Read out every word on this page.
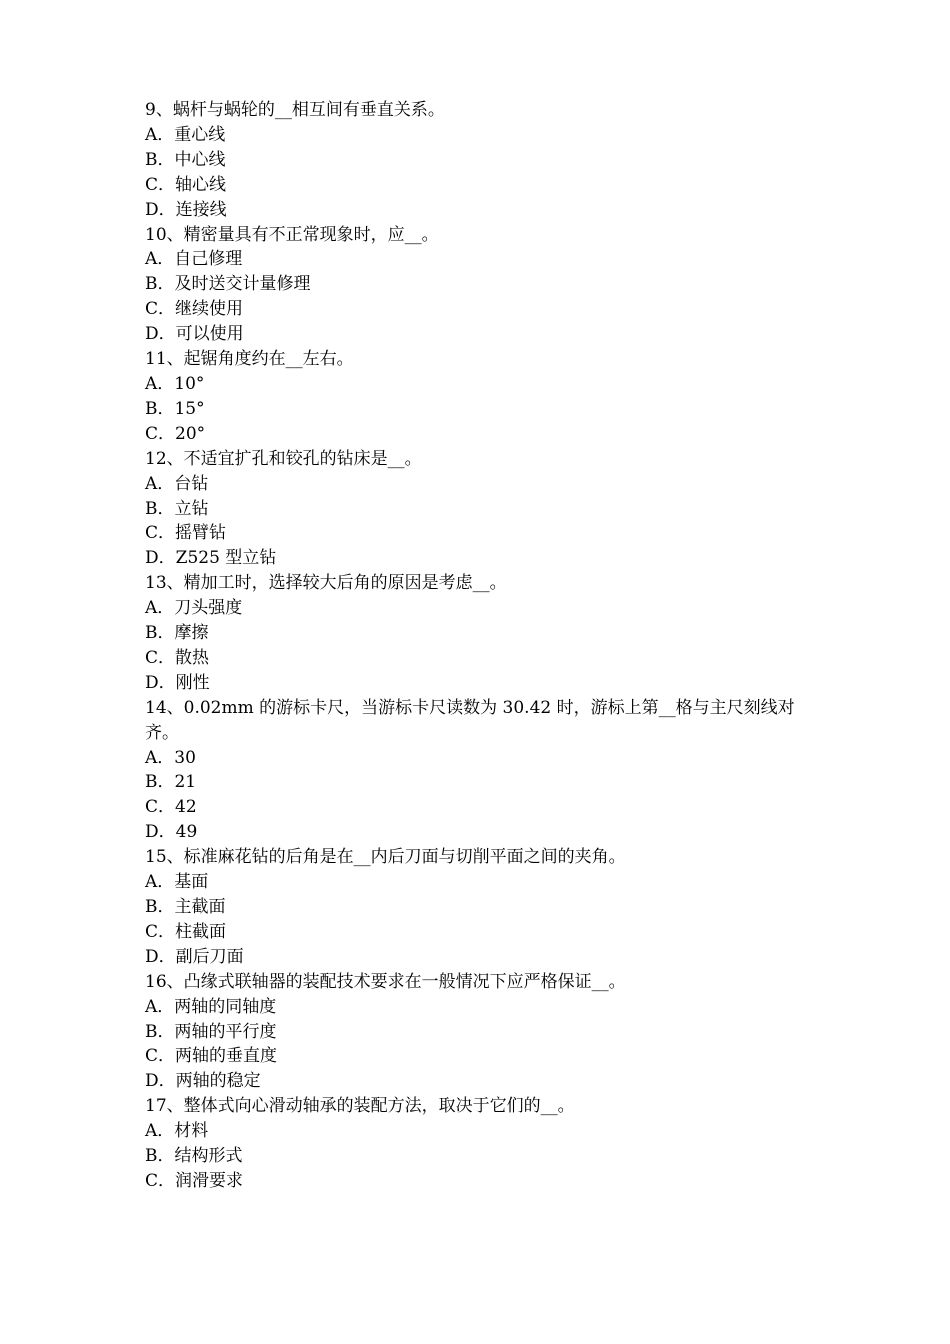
9、蜗杆与蜗轮的__相互间有垂直关系。
A．重心线
B．中心线
C．轴心线
D．连接线
10、精密量具有不正常现象时，应__。
A．自己修理
B．及时送交计量修理
C．继续使用
D．可以使用
11、起锯角度约在__左右。
A．10°
B．15°
C．20°
12、不适宜扩孔和铰孔的钻床是__。
A．台钻
B．立钻
C．摇臂钻
D．Z525 型立钻
13、精加工时，选择较大后角的原因是考虑__。
A．刀头强度
B．摩擦
C．散热
D．刚性
14、0.02mm 的游标卡尺，当游标卡尺读数为 30.42 时，游标上第__格与主尺刻线对齐。
A．30
B．21
C．42
D．49
15、标准麻花钻的后角是在__内后刀面与切削平面之间的夹角。
A．基面
B．主截面
C．柱截面
D．副后刀面
16、凸缘式联轴器的装配技术要求在一般情况下应严格保证__。
A．两轴的同轴度
B．两轴的平行度
C．两轴的垂直度
D．两轴的稳定
17、整体式向心滑动轴承的装配方法，取决于它们的__。
A．材料
B．结构形式
C．润滑要求
